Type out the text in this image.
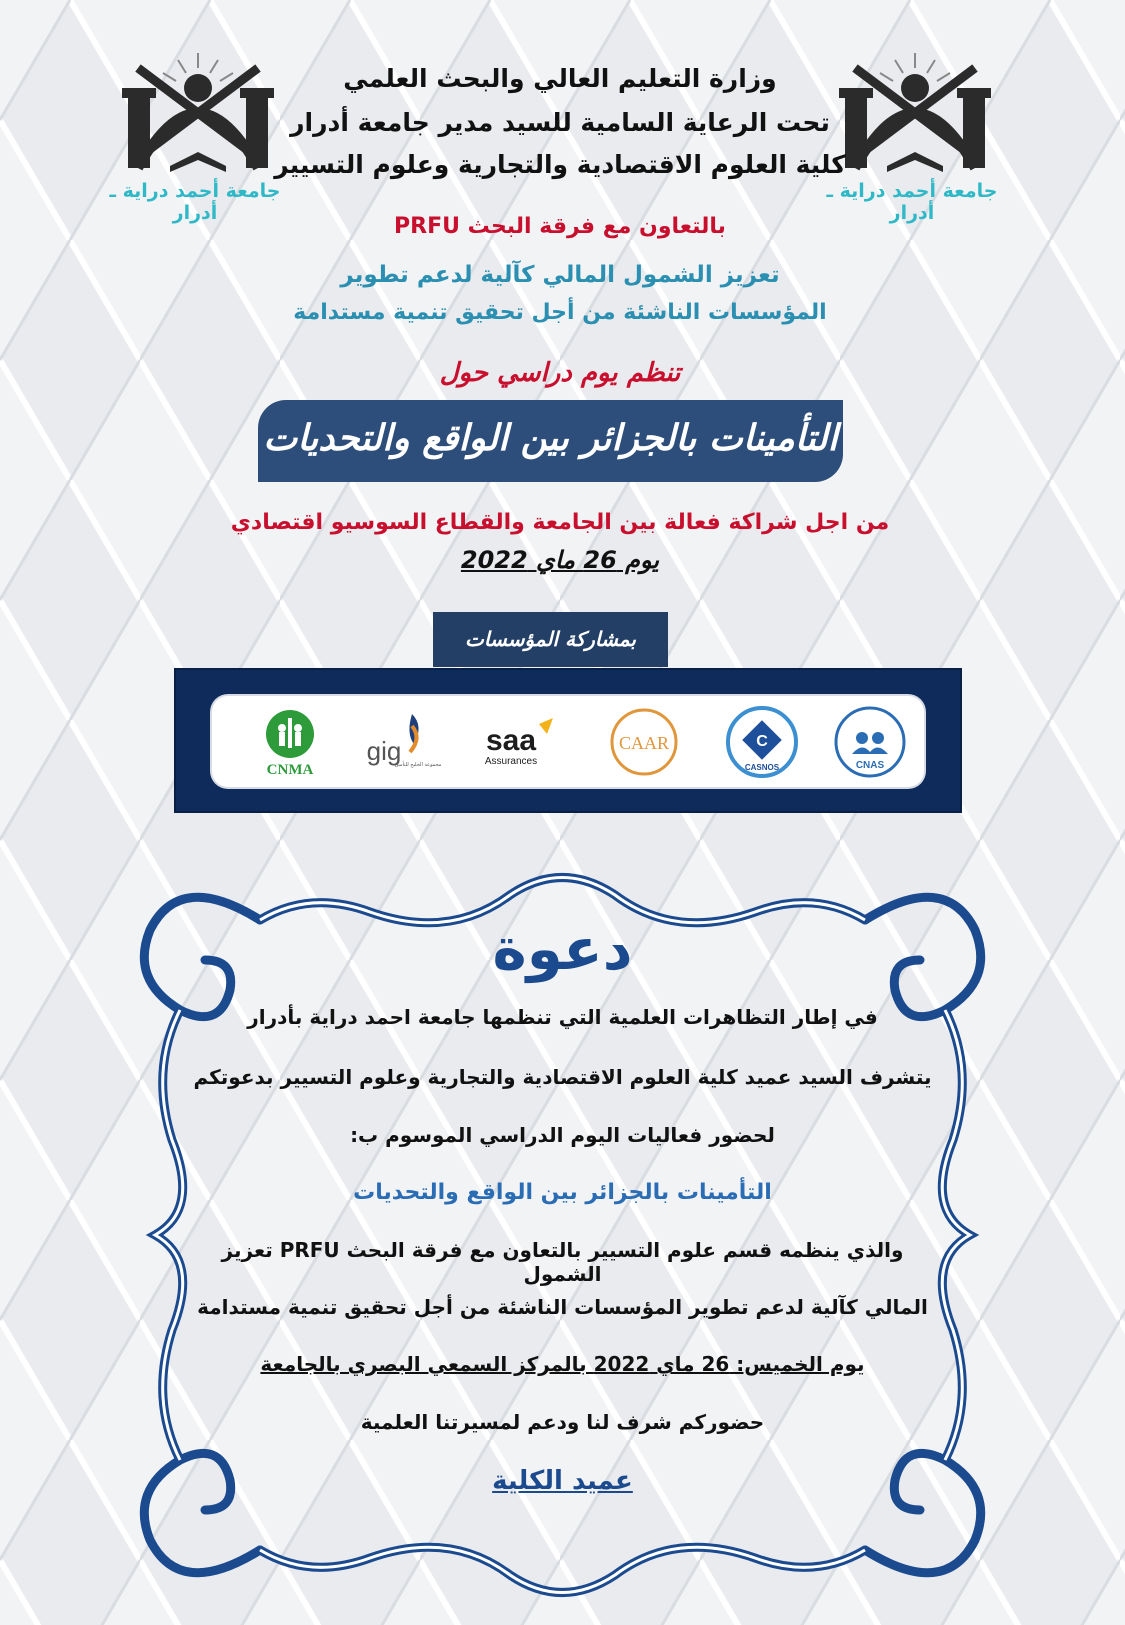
جامعة أحمد دراية ـ أدرار
جامعة أحمد دراية ـ أدرار
وزارة التعليم العالي والبحث العلمي
تحت الرعاية السامية للسيد مدير جامعة أدرار
كلية العلوم الاقتصادية والتجارية وعلوم التسيير
بالتعاون مع فرقة البحث PRFU
تعزيز الشمول المالي كآلية لدعم تطوير
المؤسسات الناشئة من أجل تحقيق تنمية مستدامة
تنظم يوم دراسي حول
التأمينات بالجزائر بين الواقع والتحديات
من اجل شراكة فعالة بين الجامعة والقطاع السوسيو اقتصادي
يوم 26 ماي 2022
بمشاركة المؤسسات
CNAS
C
CASNOS
CAAR
saa
Assurances
gig
مجموعة الخليج للتأمين
CNMA
دعوة
في إطار التظاهرات العلمية التي تنظمها جامعة احمد دراية بأدرار
يتشرف السيد عميد كلية العلوم الاقتصادية والتجارية وعلوم التسيير بدعوتكم
لحضور فعاليات اليوم الدراسي الموسوم ب:
التأمينات بالجزائر بين الواقع والتحديات
والذي ينظمه قسم علوم التسيير بالتعاون مع فرقة البحث PRFU تعزيز الشمول
المالي كآلية لدعم تطوير المؤسسات الناشئة من أجل تحقيق تنمية مستدامة
يوم الخميس: 26 ماي 2022 بالمركز السمعي البصري بالجامعة
حضوركم شرف لنا ودعم لمسيرتنا العلمية
عميد الكلية
